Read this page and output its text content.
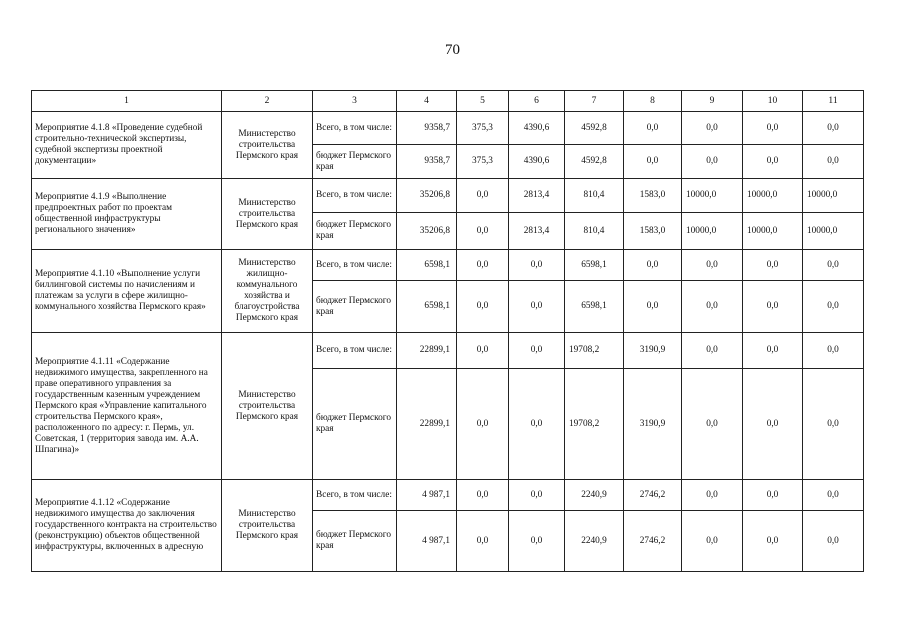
70
1	2	3	4	5	6	7	8	9	10	11
Мероприятие 4.1.8 «Проведение судебной строительно-технической экспертизы, судебной экспертизы проектной документации»	Министерство строительства Пермского края	Всего, в том числе:	9358,7	375,3	4390,6	4592,8	0,0	0,0	0,0	0,0
		бюджет Пермского края	9358,7	375,3	4390,6	4592,8	0,0	0,0	0,0	0,0
Мероприятие 4.1.9 «Выполнение предпроектных работ по проектам общественной инфраструктуры регионального значения»	Министерство строительства Пермского края	Всего, в том числе:	35206,8	0,0	2813,4	810,4	1583,0	10000,0	10000,0	10000,0
		бюджет Пермского края	35206,8	0,0	2813,4	810,4	1583,0	10000,0	10000,0	10000,0
Мероприятие 4.1.10 «Выполнение услуги биллинговой системы по начислениям и платежам за услуги в сфере жилищно-коммунального хозяйства Пермского края»	Министерство жилищно-коммунального хозяйства и благоустройства Пермского края	Всего, в том числе:	6598,1	0,0	0,0	6598,1	0,0	0,0	0,0	0,0
		бюджет Пермского края	6598,1	0,0	0,0	6598,1	0,0	0,0	0,0	0,0
Мероприятие 4.1.11 «Содержание недвижимого имущества, закрепленного на праве оперативного управления за государственным казенным учреждением Пермского края «Управление капитального строительства Пермского края», расположенного по адресу: г. Пермь, ул. Советская, 1 (территория завода им. А.А. Шпагина)»	Министерство строительства Пермского края	Всего, в том числе:	22899,1	0,0	0,0	19708,2	3190,9	0,0	0,0	0,0
		бюджет Пермского края	22899,1	0,0	0,0	19708,2	3190,9	0,0	0,0	0,0
Мероприятие 4.1.12 «Содержание недвижимого имущества до заключения государственного контракта на строительство (реконструкцию) объектов общественной инфраструктуры, включенных в адресную	Министерство строительства Пермского края	Всего, в том числе:	4 987,1	0,0	0,0	2240,9	2746,2	0,0	0,0	0,0
		бюджет Пермского края	4 987,1	0,0	0,0	2240,9	2746,2	0,0	0,0	0,0
